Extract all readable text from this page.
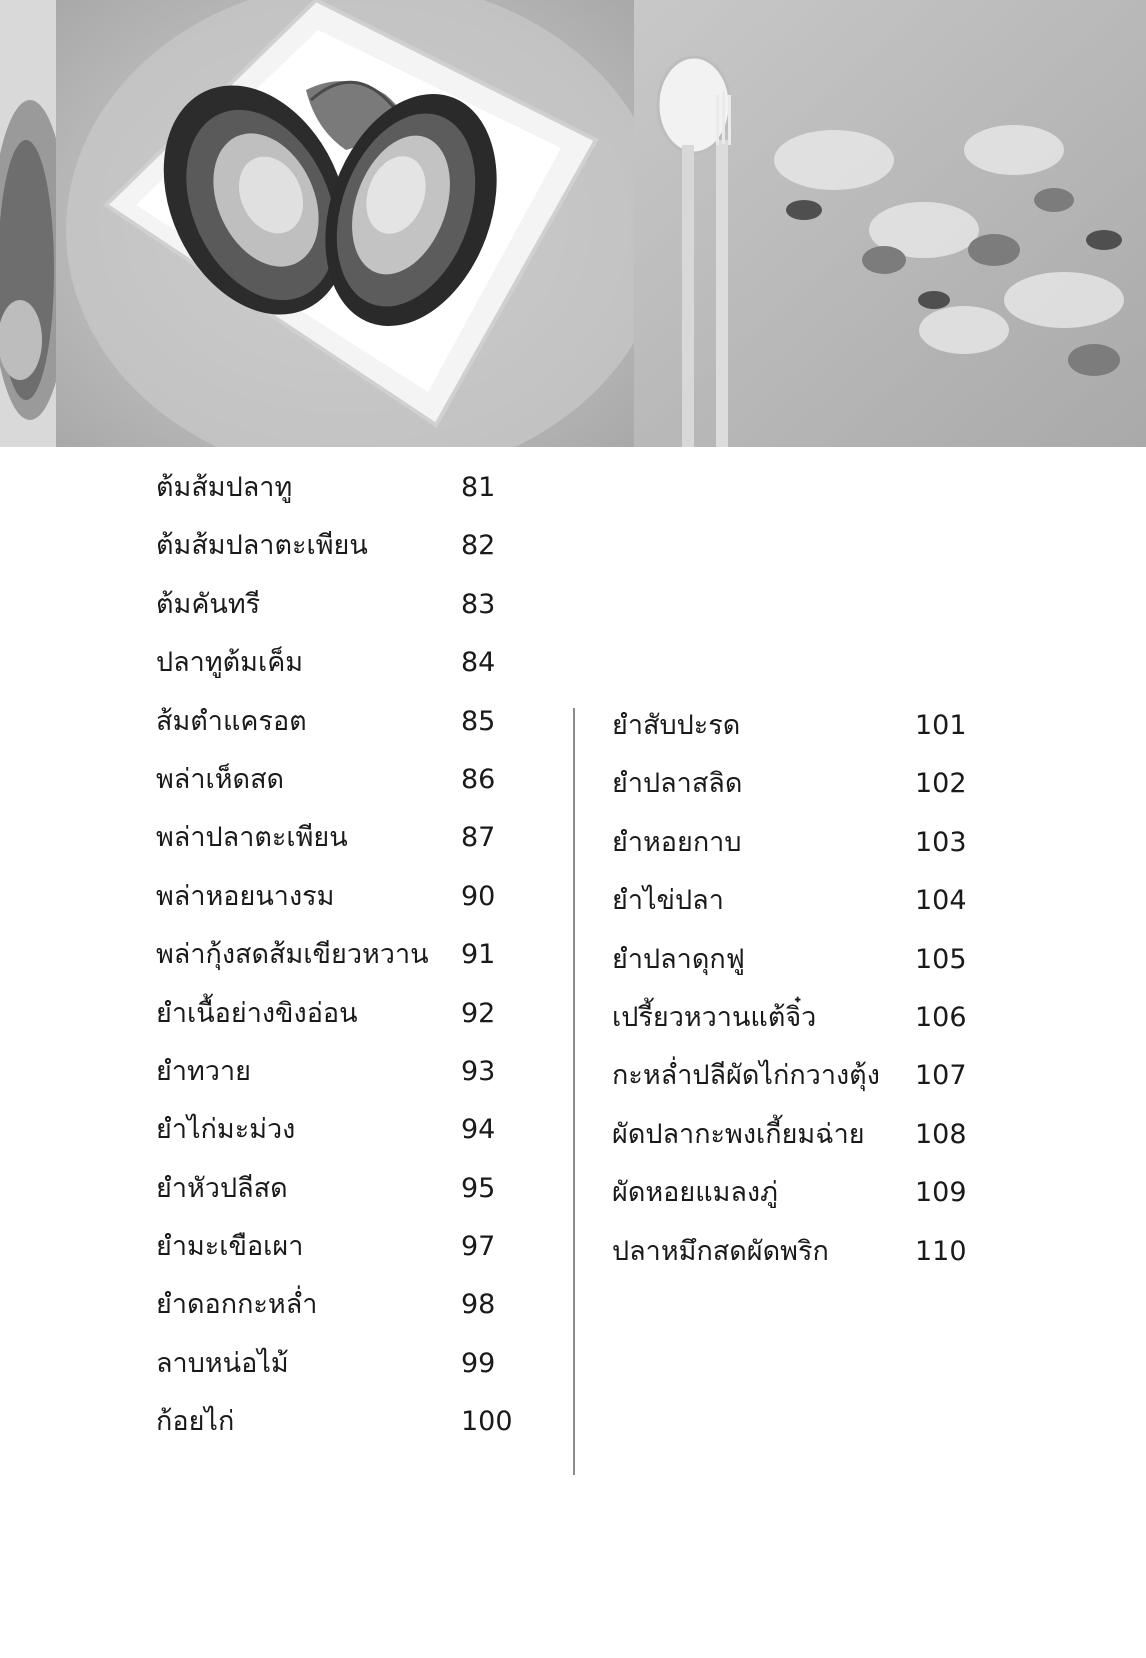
ต้มส้มปลาทู	81
ต้มส้มปลาตะเพียน	82
ต้มคันทรี	83
ปลาทูต้มเค็ม	84
ส้มตำแครอต	85
พล่าเห็ดสด	86
พล่าปลาตะเพียน	87
พล่าหอยนางรม	90
พล่ากุ้งสดส้มเขียวหวาน 91
ยำเนื้อย่างขิงอ่อน	92
ยำทวาย	93
ยำไก่มะม่วง	94
ยำหัวปลีสด	95
ยำมะเขือเผา	97
ยำดอกกะหล่ำ	98
ลาบหน่อไม้	99
ก้อยไก่	100
ยำสับปะรด	101
ยำปลาสลิด	102
ยำหอยกาบ	103
ยำไข่ปลา	104
ยำปลาดุกฟู	105
เปรี้ยวหวานแต้จิ๋ว	106
กะหล่ำปลีผัดไก่กวางตุ้ง 107
ผัดปลากะพงเกี้ยมฉ่าย 108
ผัดหอยแมลงภู่	109
ปลาหมึกสดผัดพริก	110
